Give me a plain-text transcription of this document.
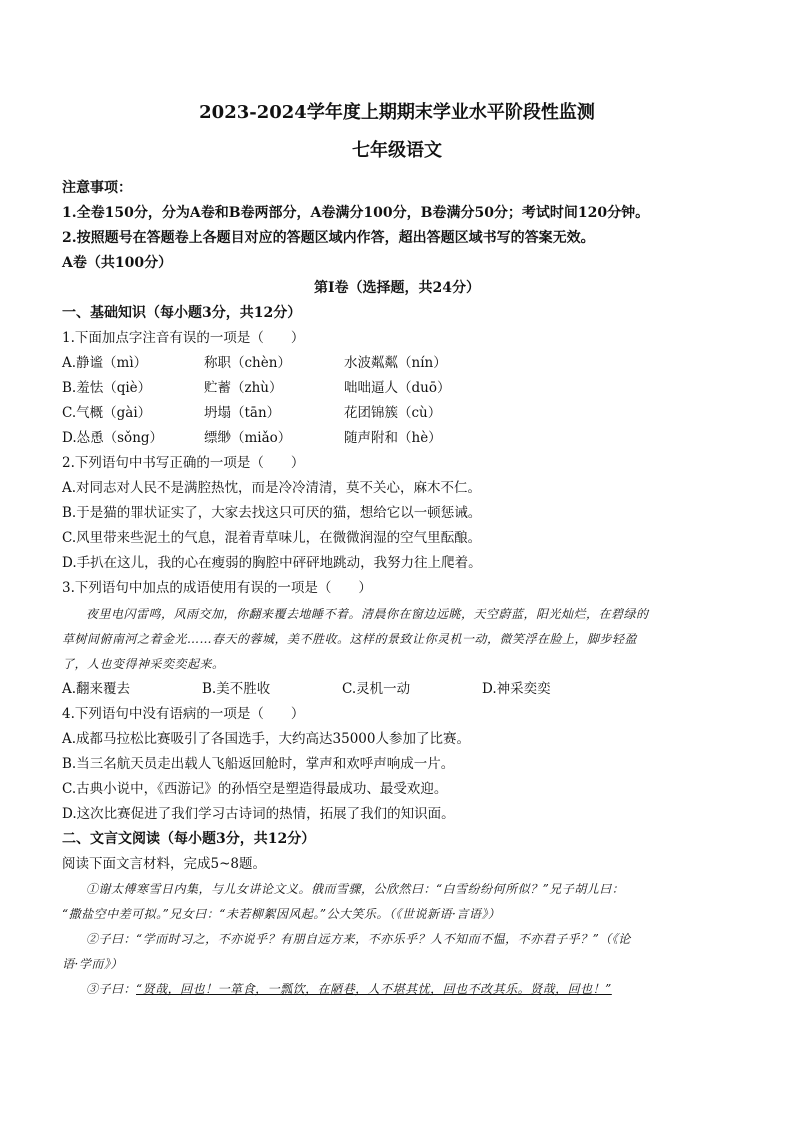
2023-2024学年度上期期末学业水平阶段性监测

七年级语文

注意事项：

1.全卷150分，分为A卷和B卷两部分，A卷满分100分，B卷满分50分；考试时间120分钟。

2.按照题号在答题卷上各题目对应的答题区域内作答，超出答题区域书写的答案无效。

A卷（共100分）

第Ⅰ卷（选择题，共24分）

一、基础知识（每小题3分，共12分）

1.下面加点字注音有误的一项是（　　）

A.静谧（mì）	称职（chèn）	水波粼粼（nín）
B.羞怯（qiè）	贮蓄（zhù）	咄咄逼人（duō）
C.气概（gài）	坍塌（tān）	花团锦簇（cù）
D.怂恿（sǒng）	缥缈（miǎo）	随声附和（hè）

2.下列语句中书写正确的一项是（　　）

A.对同志对人民不是满腔热忱，而是冷冷清清，莫不关心，麻木不仁。

B.于是猫的罪状证实了，大家去找这只可厌的猫，想给它以一顿惩诫。

C.风里带来些泥土的气息，混着青草味儿，在微微润湿的空气里酝酿。

D.手扒在这儿，我的心在瘦弱的胸腔中砰砰地跳动，我努力往上爬着。

3.下列语句中加点的成语使用有误的一项是（　　）

夜里电闪雷鸣，风雨交加，你翻来覆去地睡不着。清晨你在窗边远眺，天空蔚蓝，阳光灿烂，在碧绿的

草树间俯南河之着金光……春天的蓉城，美不胜收。这样的景致让你灵机一动，微笑浮在脸上，脚步轻盈

了，人也变得神采奕奕起来。

A.翻来覆去	B.美不胜收	C.灵机一动	D.神采奕奕

4.下列语句中没有语病的一项是（　　）

A.成都马拉松比赛吸引了各国选手，大约高达35000人参加了比赛。

B.当三名航天员走出载人飞船返回舱时，掌声和欢呼声响成一片。

C.古典小说中，《西游记》的孙悟空是塑造得最成功、最受欢迎。

D.这次比赛促进了我们学习古诗词的热情，拓展了我们的知识面。

二、文言文阅读（每小题3分，共12分）

阅读下面文言材料，完成5~8题。

①谢太傅寒雪日内集，与儿女讲论文义。俄而雪骤，公欣然曰：“白雪纷纷何所似？”兄子胡儿曰：

“撒盐空中差可拟。”兄女曰：“未若柳絮因风起。”公大笑乐。（《世说新语·言语》）

②子曰：“学而时习之，不亦说乎？有朋自远方来，不亦乐乎？人不知而不愠，不亦君子乎？”（《论

语·学而》）

③子曰：“贤哉，回也！一箪食，一瓢饮，在陋巷，人不堪其忧，回也不改其乐。贤哉，回也！”
